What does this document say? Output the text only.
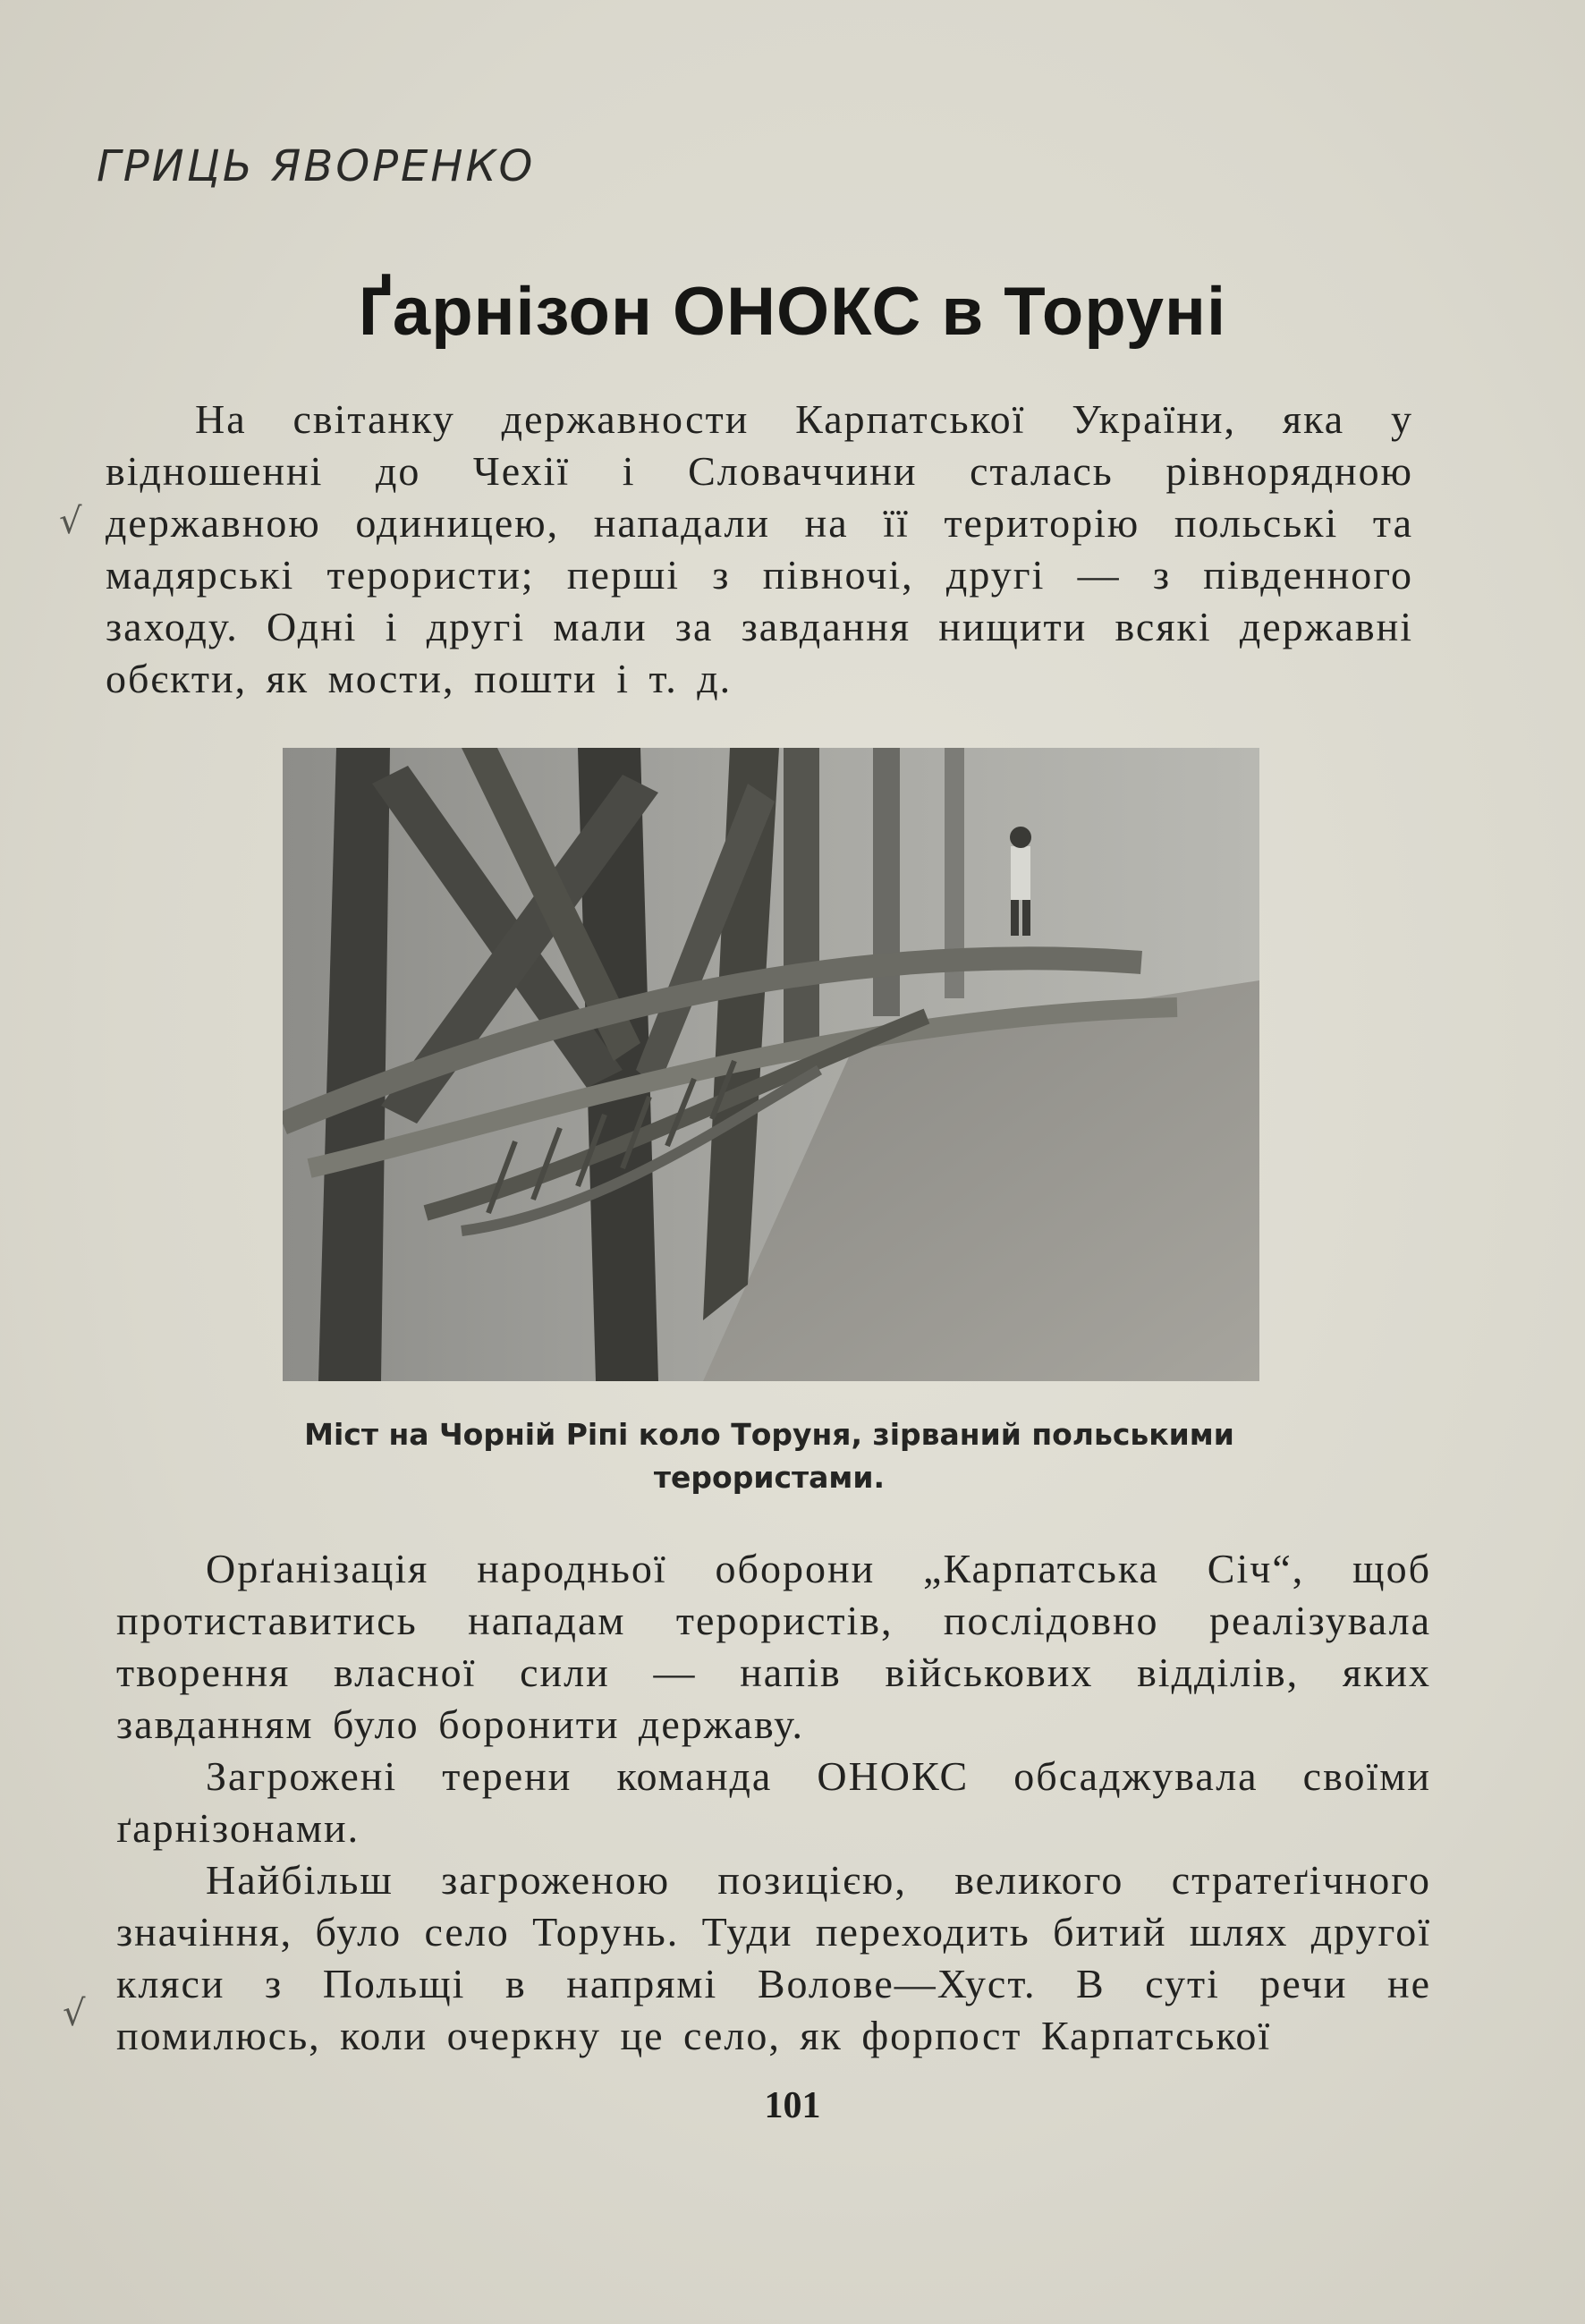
ГРИЦЬ ЯВОРЕНКО
Ґарнізон ОНОКС в Торуні
√

На світанку державности Карпатської України, яка у відношенні до Чехії і Словаччини сталась рівнорядною державною одиницею, нападали на її територію польські та мадярські терористи; перші з півночі, другі — з південного заходу. Одні і другі мали за завдання нищити всякі державні обєкти, як мости, пошти і т. д.

Міст на Чорній Ріпі коло Торуня, зірваний польськими
терористами.

Орґанізація народньої оборони „Карпатська Січ“, щоб протиставитись нападам терористів, послідовно реалізувала творення власної сили — напів військових відділів, яких завданням було боронити державу.

Загрожені терени команда ОНОКС обсаджувала своїми ґарнізонами.

Найбільш загроженою позицією, великого стратеґічного значіння, було село Торунь. Туди переходить битий шлях другої кляси з Польщі в напрямі Волове—Хуст. В суті речи не помилюсь, коли очеркну це село, як форпост Карпатської

√
101
